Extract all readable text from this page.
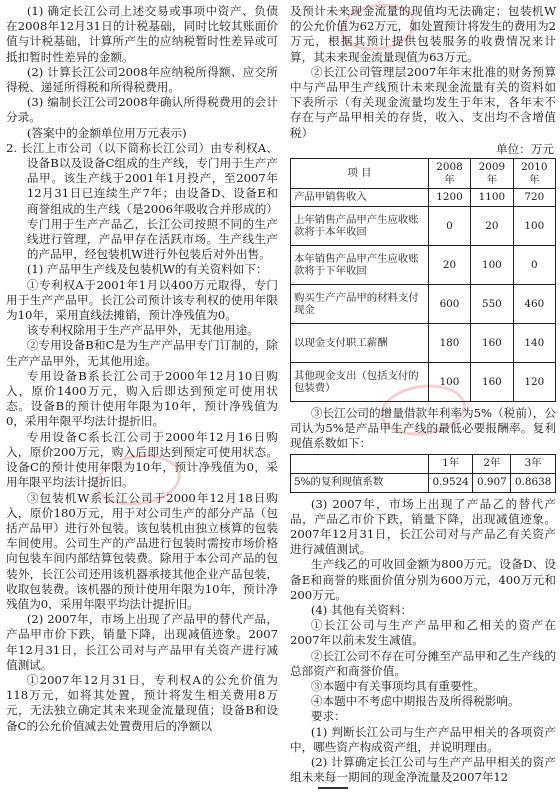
(1) 确定长江公司上述交易或事项中资产、负债在2008年12月31日的计税基础，同时比较其账面价值与计税基础，计算所产生的应纳税暂时性差异或可抵扣暂时性差异的金额。

(2) 计算长江公司2008年应纳税所得额、应交所得税、递延所得税和所得税费用。

(3) 编制长江公司2008年确认所得税费用的会计分录。

(答案中的金额单位用万元表示)

2. 长江上市公司（以下简称长江公司）由专利权A、设备B以及设备C组成的生产线，专门用于生产产品甲。该生产线于2001年1月投产，至2007年12月31日已连续生产7年；由设备D、设备E和商誉组成的生产线（是2006年吸收合并形成的）专门用于生产产品乙，长江公司按照不同的生产线进行管理，产品甲存在活跃市场。生产线生产的产品甲，经包装机W进行外包装后对外出售。

(1) 产品甲生产线及包装机W的有关资料如下：

①专利权A于2001年1月以400万元取得，专门用于生产产品甲。长江公司预计该专利权的使用年限为10年，采用直线法摊销，预计净残值为0。

该专利权除用于生产产品甲外，无其他用途。

②专用设备B和C是为生产产品甲专门订制的，除生产产品甲外，无其他用途。

专用设备B系长江公司于2000年12月10日购入，原价1400万元，购入后即达到预定可使用状态。设备B的预计使用年限为10年，预计净残值为0，采用年限平均法计提折旧。

专用设备C系长江公司于2000年12月16日购入，原价200万元，购入后即达到预定可使用状态。设备C的预计使用年限为10年，预计净残值为0，采用年限平均法计提折旧。

③包装机W系长江公司于2000年12月18日购入，原价180万元，用于对公司生产的部分产品（包括产品甲）进行外包装。该包装机由独立核算的包装车间使用。公司生产的产品进行包装时需按市场价格向包装车间内部结算包装费。除用于本公司产品的包装外，长江公司还用该机器承接其他企业产品包装，收取包装费。该机器的预计使用年限为10年，预计净残值为0，采用年限平均法计提折旧。

(2) 2007年，市场上出现了产品甲的替代产品，产品甲市价下跌，销量下降，出现减值迹象。2007年12月31日，长江公司对与产品甲有关资产进行减值测试。

①2007年12月31日，专利权A的公允价值为118万元，如将其处置，预计将发生相关费用8万元，无法独立确定其未来现金流量现值；设备B和设备C的公允价值减去处置费用后的净额以

及预计未来现金流量的现值均无法确定；包装机W的公允价值为62万元，如处置预计将发生的费用为2万元，根据其预计提供包装服务的收费情况来计算，其未来现金流量现值为63万元。

②长江公司管理层2007年年末批准的财务预算中与产品甲生产线预计未来现金流量有关的资料如下表所示（有关现金流量均发生于年末，各年末不存在与产品甲相关的存货，收入、支出均不含增值税）

单位：万元

项 目	2008年	2009年	2010年
产品甲销售收入	1200	1100	720
上年销售产品甲产生应收账款将于本年收回	0	20	100
本年销售产品甲产生应收账款将于下年收回	20	100	0
购买生产产品甲的材料支付现金	600	550	460
以现金支付职工薪酬	180	160	140
其他现金支出（包括支付的包装费）	100	160	120

③长江公司的增量借款年利率为5%（税前），公司认为5%是产品甲生产线的最低必要报酬率。复利现值系数如下：

	1年	2年	3年
5%的复利现值系数	0.9524	0.907	0.8638

(3) 2007年，市场上出现了产品乙的替代产品，产品乙市价下跌，销量下降，出现减值迹象。2007年12月31日，长江公司对与产品乙有关资产进行减值测试。

生产线乙的可收回金额为800万元。设备D、设备E和商誉的账面价值分别为600万元，400万元和200万元。

(4) 其他有关资料：

①长江公司与生产产品甲和乙相关的资产在2007年以前未发生减值。

②长江公司不存在可分摊至产品甲和乙生产线的总部资产和商誉价值。

③本题中有关事项均具有重要性。

④本题中不考虑中期报告及所得税影响。

要求：

(1) 判断长江公司与生产产品甲相关的各项资产中，哪些资产构成资产组，并说明理由。

(2) 计算确定长江公司与生产产品甲相关的资产组未来每一期间的现金净流量及2007年12
